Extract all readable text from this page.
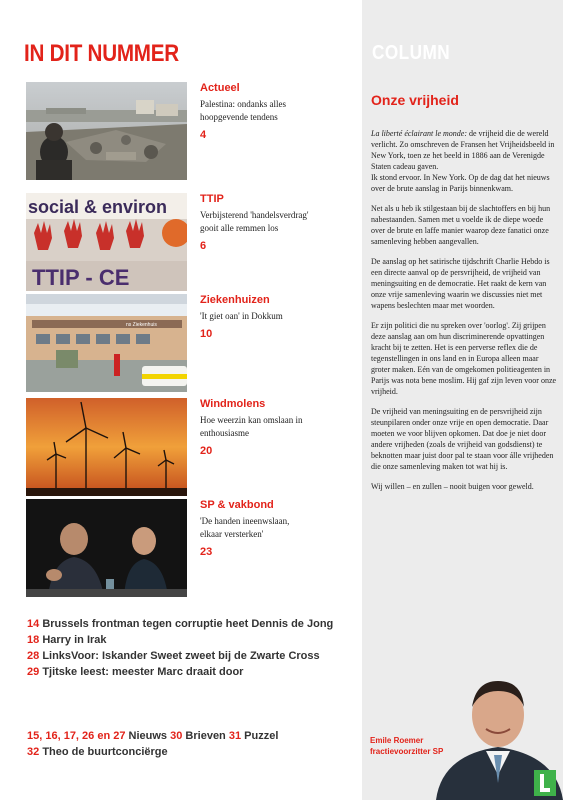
IN DIT NUMMER
Actueel
Palestina: ondanks alles
hoopgevende tendens
4
social & environ
TTIP - CE
TTIP
Verbijsterend 'handelsverdrag'
gooit alle remmen los
6
ns Ziekenhuis
Ziekenhuizen
'It giet oan' in Dokkum
10
Windmolens
Hoe weerzin kan omslaan in
enthousiasme
20
SP & vakbond
'De handen ineenwslaan,
elkaar versterken'
23
14 Brussels frontman tegen corruptie heet Dennis de Jong
18 Harry in Irak
28 LinksVoor: Iskander Sweet zweet bij de Zwarte Cross
29 Tjitske leest: meester Marc draait door
15, 16, 17, 26 en 27 Nieuws 30 Brieven 31 Puzzel
32 Theo de buurtconciërge
COLUMN
Onze vrijheid

La liberté éclairant le monde: de vrijheid die de wereld verlicht. Zo omschreven de Fransen het Vrijheidsbeeld in New York, toen ze het beeld in 1886 aan de Verenigde Staten cadeau gaven.
Ik stond ervoor. In New York. Op de dag dat het nieuws over de brute aanslag in Parijs binnenkwam.

Net als u heb ik stilgestaan bij de slachtoffers en bij hun nabestaanden. Samen met u voelde ik de diepe woede over de brute en laffe manier waarop deze fanatici onze samenleving hebben aangevallen.

De aanslag op het satirische tijdschrift Charlie Hebdo is een directe aanval op de persvrijheid, de vrijheid van meningsuiting en de democratie. Het raakt de kern van onze vrije samenleving waarin we discussies niet met wapens beslechten maar met woorden.

Er zijn politici die nu spreken over 'oorlog'. Zij grijpen deze aanslag aan om hun discriminerende opvattingen kracht bij te zetten. Het is een perverse reflex die de tegenstellingen in ons land en in Europa alleen maar groter maken. Eén van de omgekomen politieagenten in Parijs was nota bene moslim. Hij gaf zijn leven voor onze vrijheid.

De vrijheid van meningsuiting en de persvrijheid zijn steunpilaren onder onze vrije en open democratie. Daar moeten we voor blijven opkomen. Dat doe je niet door andere vrijheden (zoals de vrijheid van godsdienst) te beknotten maar juist door pal te staan voor álle vrijheden die onze samenleving maken tot wat hij is.

Wij willen – en zullen – nooit buigen voor geweld.

Emile Roemer
fractievoorzitter SP
